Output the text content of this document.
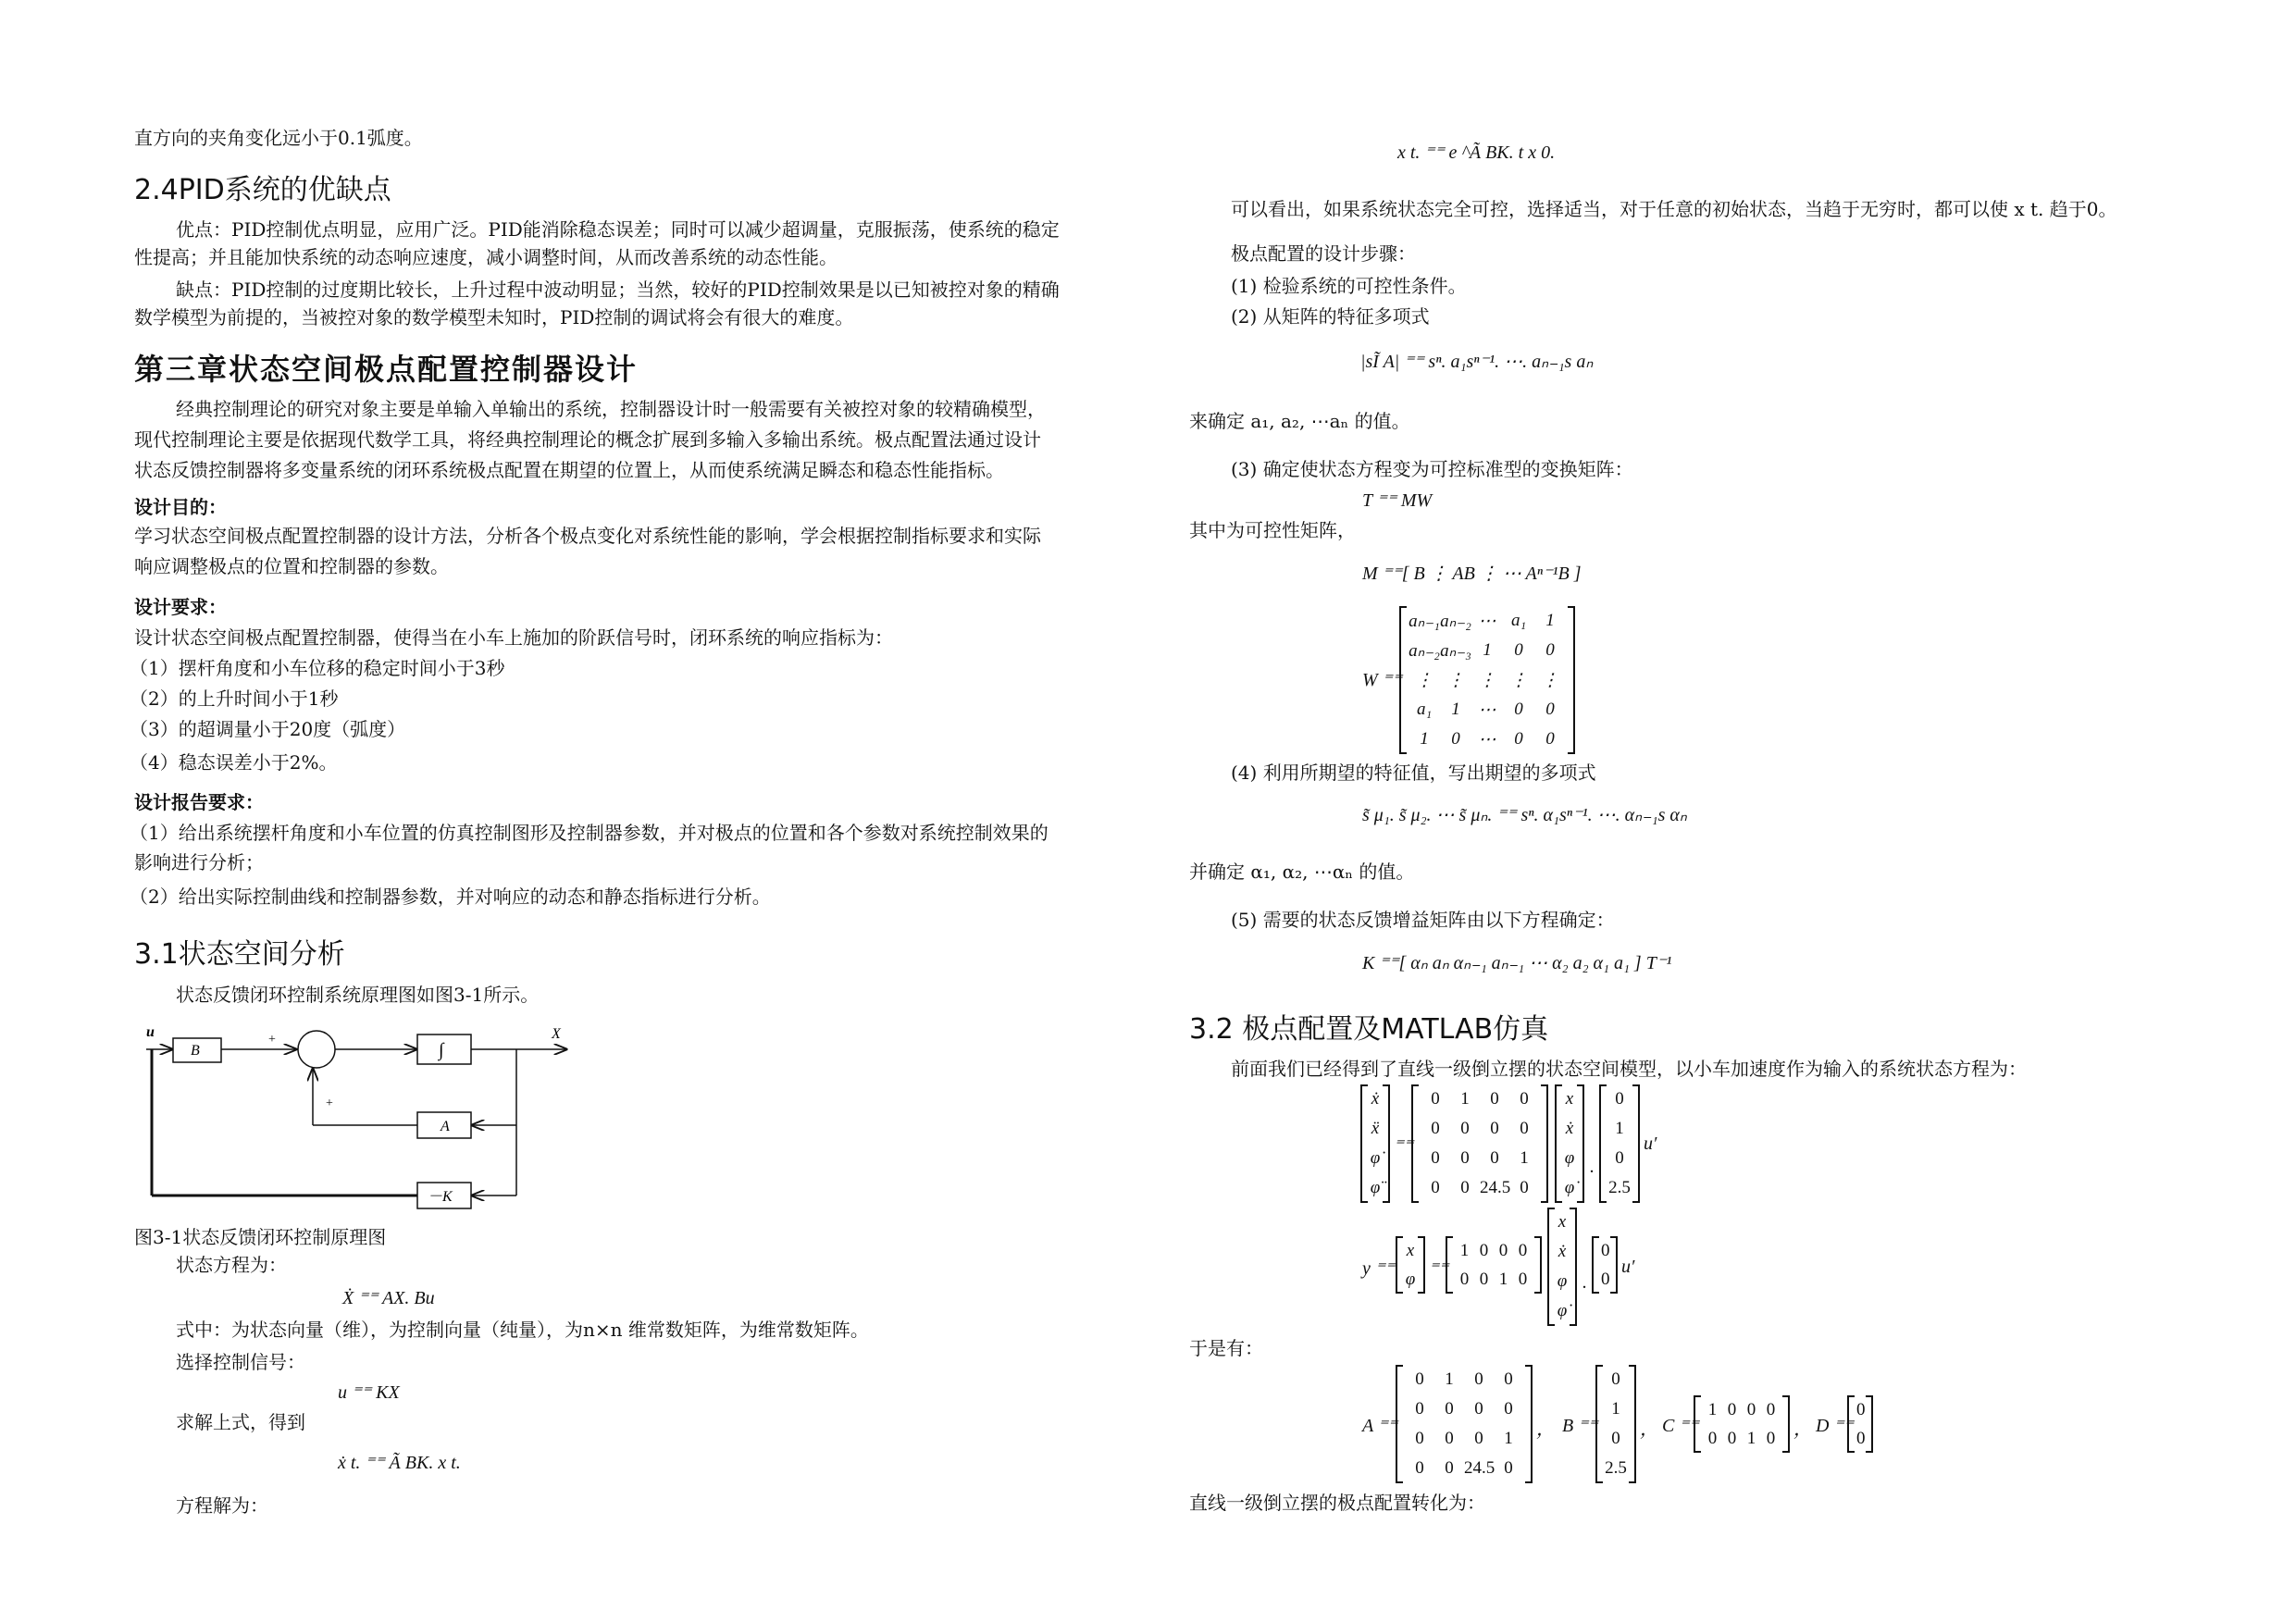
直方向的夹角变化远小于0.1弧度。
2.4PID系统的优缺点
优点：PID控制优点明显，应用广泛。PID能消除稳态误差；同时可以减少超调量，克服振荡，使系统的稳定
性提高；并且能加快系统的动态响应速度，减小调整时间，从而改善系统的动态性能。
缺点：PID控制的过度期比较长，上升过程中波动明显；当然，较好的PID控制效果是以已知被控对象的精确
数学模型为前提的，当被控对象的数学模型未知时，PID控制的调试将会有很大的难度。
第三章状态空间极点配置控制器设计
经典控制理论的研究对象主要是单输入单输出的系统，控制器设计时一般需要有关被控对象的较精确模型，
现代控制理论主要是依据现代数学工具，将经典控制理论的概念扩展到多输入多输出系统。极点配置法通过设计
状态反馈控制器将多变量系统的闭环系统极点配置在期望的位置上，从而使系统满足瞬态和稳态性能指标。
设计目的：
学习状态空间极点配置控制器的设计方法，分析各个极点变化对系统性能的影响，学会根据控制指标要求和实际
响应调整极点的位置和控制器的参数。
设计要求：
设计状态空间极点配置控制器，使得当在小车上施加的阶跃信号时，闭环系统的响应指标为：
（1）摆杆角度和小车位移的稳定时间小于3秒
（2）的上升时间小于1秒
（3）的超调量小于20度（弧度）
（4）稳态误差小于2%。
设计报告要求：
（1）给出系统摆杆角度和小车位置的仿真控制图形及控制器参数，并对极点的位置和各个参数对系统控制效果的
影响进行分析；
（2）给出实际控制曲线和控制器参数，并对响应的动态和静态指标进行分析。
3.1状态空间分析
状态反馈闭环控制系统原理图如图3-1所示。
u
B
+
∫
X
A
+
－K
图3-1状态反馈闭环控制原理图
状态方程为：
Ẋ ⁼⁼ AX. Bu
式中：为状态向量（维），为控制向量（纯量），为n×n 维常数矩阵，为维常数矩阵。
选择控制信号：
u ⁼⁼ KX
求解上式，得到
ẋ t. ⁼⁼ Ã BK. x t.
方程解为：
x t. ⁼⁼ e ^Ã BK. t x 0.
可以看出，如果系统状态完全可控，选择适当，对于任意的初始状态，当趋于无穷时，都可以使 x t. 趋于0。
极点配置的设计步骤：
(1) 检验系统的可控性条件。
(2) 从矩阵的特征多项式
|sĨ A| ⁼⁼ sⁿ. a₁sⁿ⁻¹. ⋯. aₙ₋₁s aₙ
来确定 a₁, a₂, ⋯aₙ 的值。
(3) 确定使状态方程变为可控标准型的变换矩阵：
T ⁼⁼ MW
其中为可控性矩阵，
M ⁼⁼[ B ⋮ AB ⋮ ⋯ Aⁿ⁻¹B ]
W ⁼⁼
aₙ₋₁ aₙ₋₂ ⋯ a₁	1
aₙ₋₂ aₙ₋₃ 1	0	0
⋮ ⋮ ⋮ ⋮ ⋮
a₁	1	⋯	0	0
1	0	⋯	0	0
(4) 利用所期望的特征值，写出期望的多项式
s̃ μ₁. s̃ μ₂. ⋯ s̃ μₙ. ⁼⁼ sⁿ. α₁sⁿ⁻¹. ⋯. αₙ₋₁s αₙ
并确定 α₁, α₂, ⋯αₙ 的值。
(5) 需要的状态反馈增益矩阵由以下方程确定：
K ⁼⁼[ αₙ aₙ αₙ₋₁ aₙ₋₁ ⋯ α₂ a₂ α₁ a₁ ] T⁻¹
3.2 极点配置及MATLAB仿真
前面我们已经得到了直线一级倒立摆的状态空间模型，以小车加速度作为输入的系统状态方程为：
ẋ
ẍ
φ̇
φ̈
⁼⁼
0	1	0	0
0	0	0	0
0	0	0	1
0	0 24.5 0
x
ẋ
φ
φ̇
.
0
1
0
2.5
u′
y ⁼⁼
x
φ ⁼⁼
1 0 0 0
0 0 1 0
x
ẋ
φ
φ̇
.
0
0
u′
于是有：
A ⁼⁼
0	1	0	0
0	0	0	0
0	0	0	1
0	0 24.5 0
， B ⁼⁼
0
1
0
2.5
， C ⁼⁼
1 0 0 0
0 0 1 0 ， D ⁼⁼
0
0
直线一级倒立摆的极点配置转化为：
